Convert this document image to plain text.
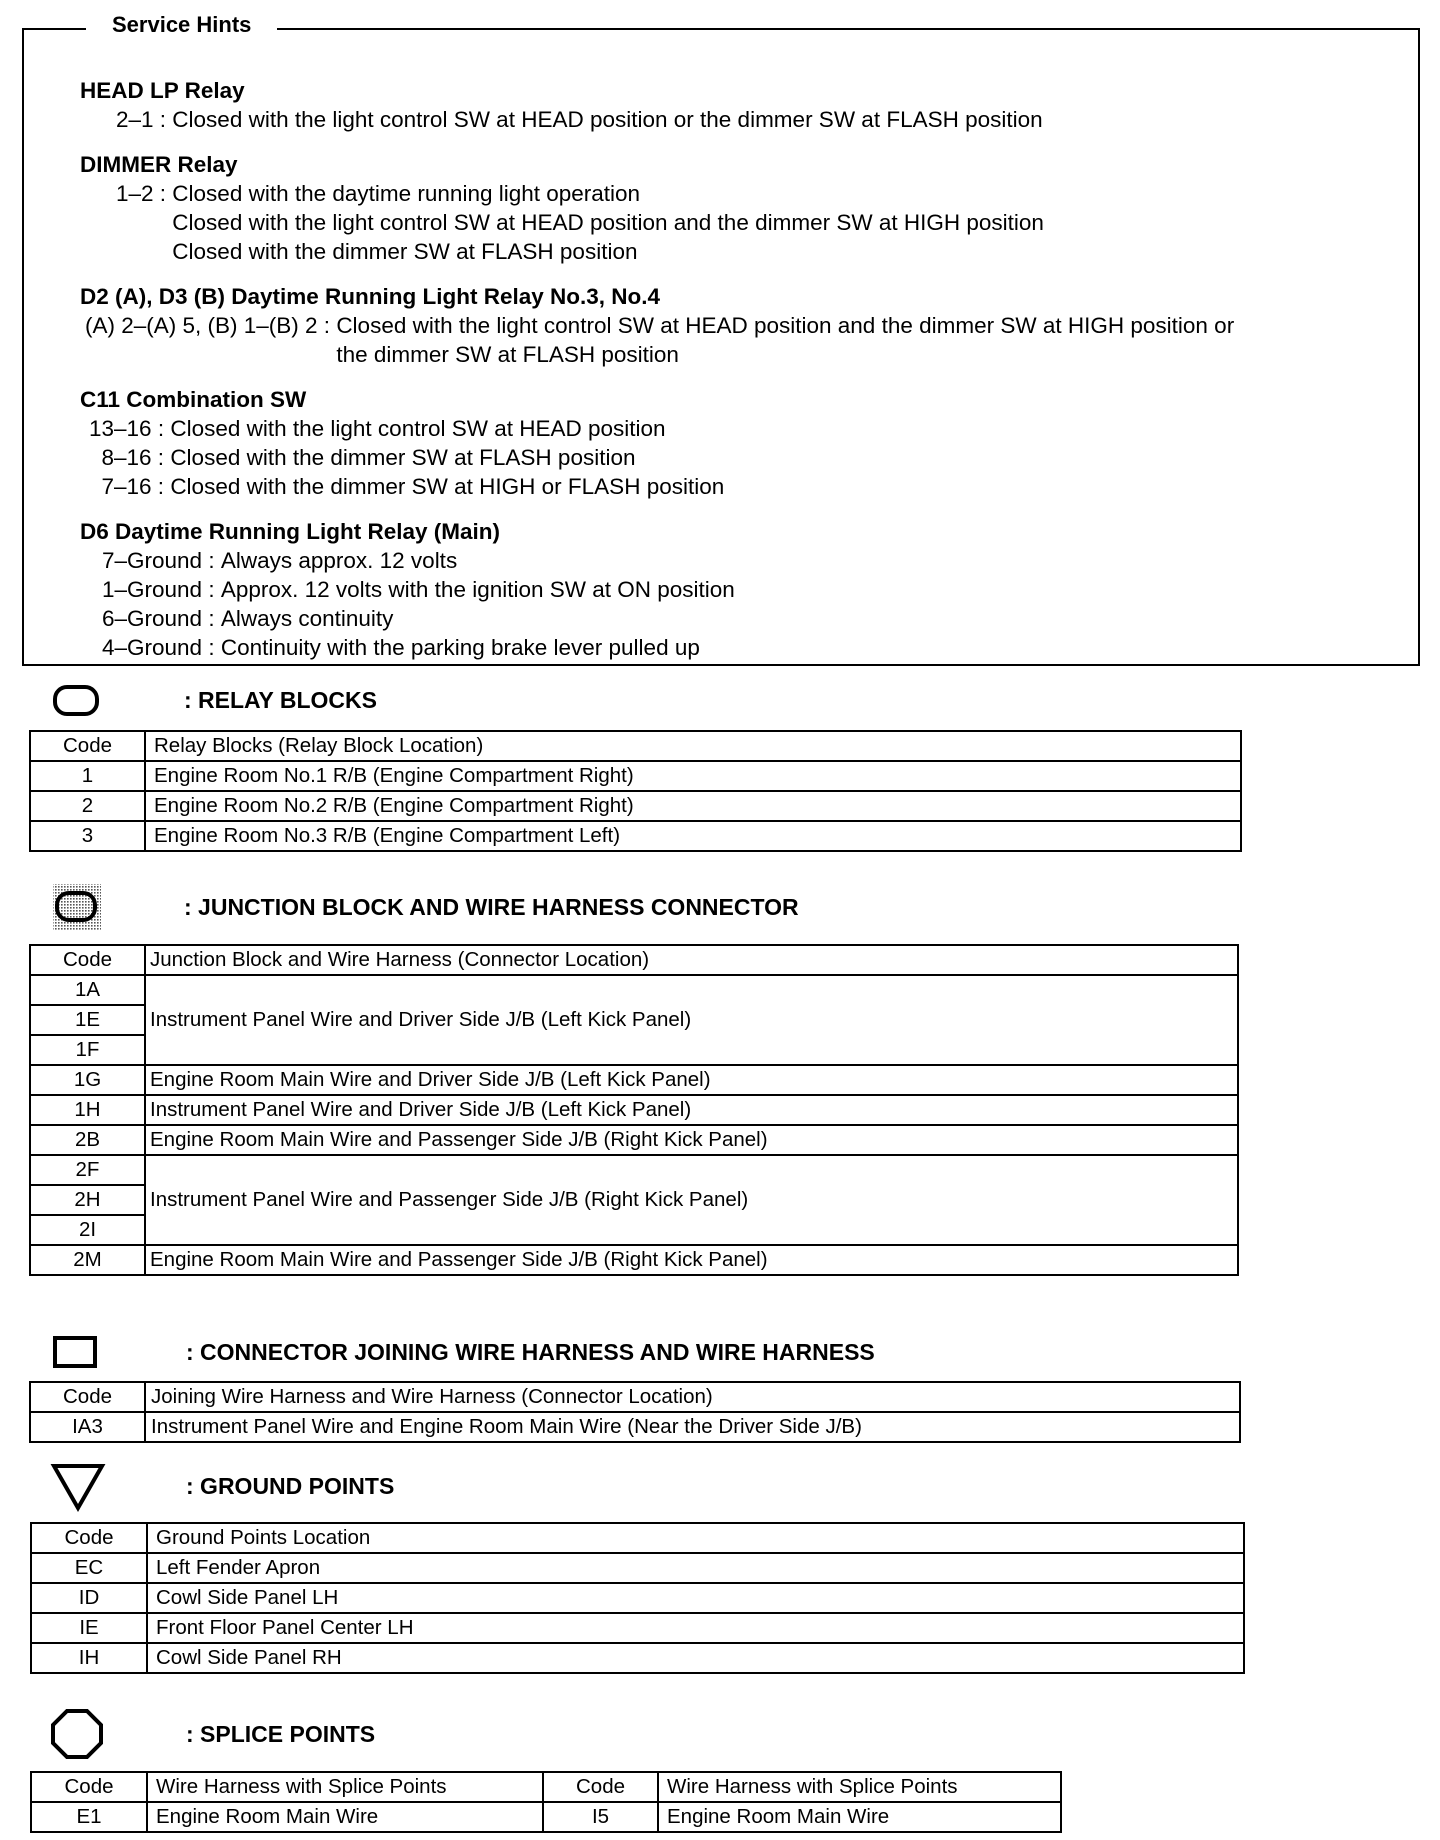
HEAD LP Relay
2–1 : Closed with the light control SW at HEAD position or the dimmer SW at FLASH position
DIMMER Relay
1–2 : Closed with the daytime running light operation
Closed with the light control SW at HEAD position and the dimmer SW at HIGH position
Closed with the dimmer SW at FLASH position
D2 (A), D3 (B) Daytime Running Light Relay No.3, No.4
(A) 2–(A) 5, (B) 1–(B) 2 : Closed with the light control SW at HEAD position and the dimmer SW at HIGH position or
the dimmer SW at FLASH position
C11 Combination SW
13–16 : Closed with the light control SW at HEAD position
8–16 : Closed with the dimmer SW at FLASH position
7–16 : Closed with the dimmer SW at HIGH or FLASH position
D6 Daytime Running Light Relay (Main)
7–Ground : Always approx. 12 volts
1–Ground : Approx. 12 volts with the ignition SW at ON position
6–Ground : Always continuity
4–Ground : Continuity with the parking brake lever pulled up
Service Hints
: RELAY BLOCKS
Code	Relay Blocks (Relay Block Location)
1	Engine Room No.1 R/B (Engine Compartment Right)
2	Engine Room No.2 R/B (Engine Compartment Right)
3	Engine Room No.3 R/B (Engine Compartment Left)
: JUNCTION BLOCK AND WIRE HARNESS CONNECTOR
Code	Junction Block and Wire Harness (Connector Location)
1A	Instrument Panel Wire and Driver Side J/B (Left Kick Panel)
1E	
1F	
1G	Engine Room Main Wire and Driver Side J/B (Left Kick Panel)
1H	Instrument Panel Wire and Driver Side J/B (Left Kick Panel)
2B	Engine Room Main Wire and Passenger Side J/B (Right Kick Panel)
2F	Instrument Panel Wire and Passenger Side J/B (Right Kick Panel)
2H	
2I	
2M	Engine Room Main Wire and Passenger Side J/B (Right Kick Panel)
: CONNECTOR JOINING WIRE HARNESS AND WIRE HARNESS
Code	Joining Wire Harness and Wire Harness (Connector Location)
IA3	Instrument Panel Wire and Engine Room Main Wire (Near the Driver Side J/B)
: GROUND POINTS
Code	Ground Points Location
EC	Left Fender Apron
ID	Cowl Side Panel LH
IE	Front Floor Panel Center LH
IH	Cowl Side Panel RH
: SPLICE POINTS
Code	Wire Harness with Splice Points	Code	Wire Harness with Splice Points
E1	Engine Room Main Wire	I5	Engine Room Main Wire
